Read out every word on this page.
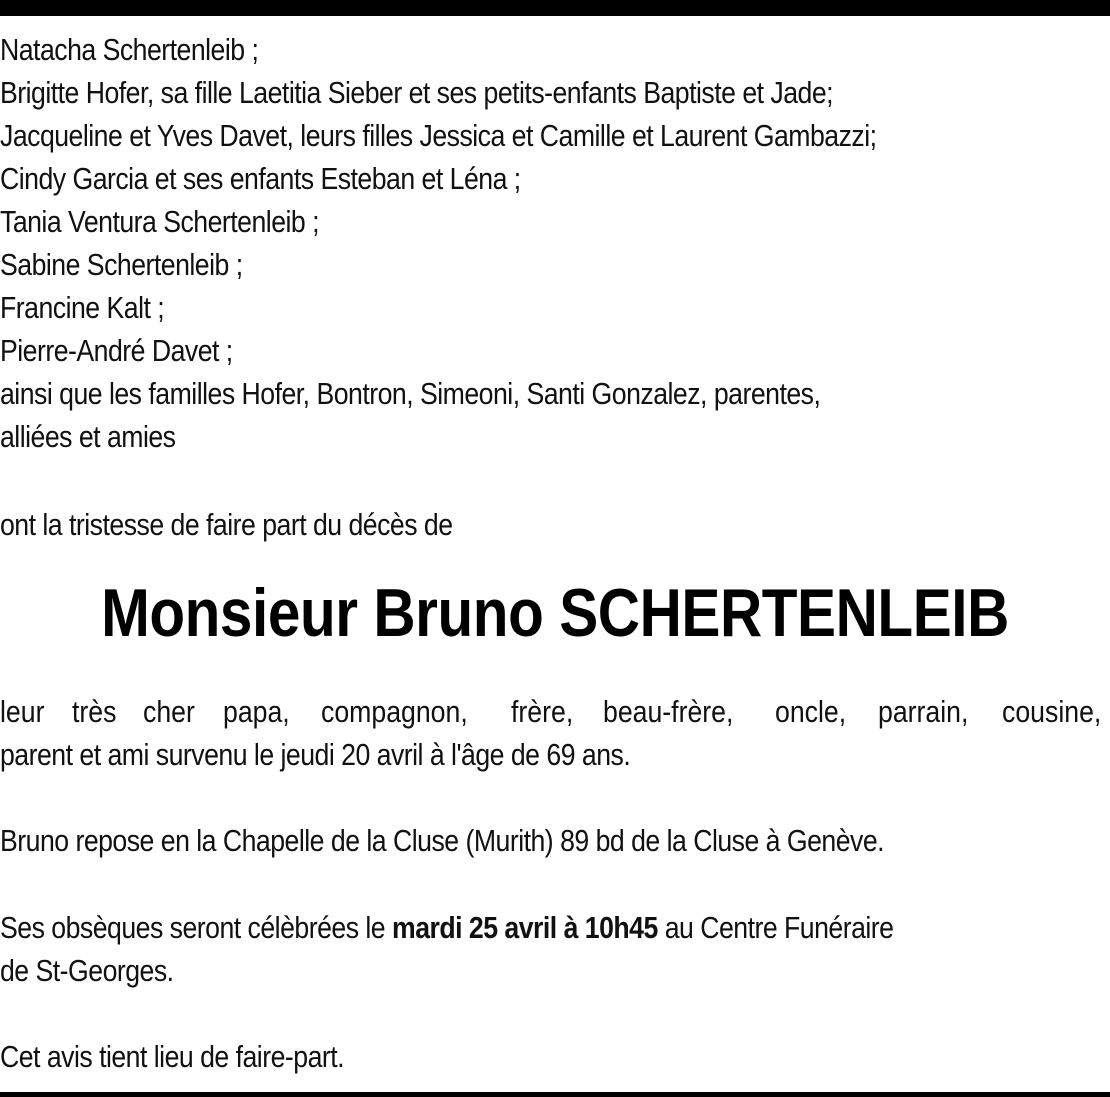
Natacha Schertenleib ;
Brigitte Hofer, sa fille Laetitia Sieber et ses petits-enfants Baptiste et Jade;
Jacqueline et Yves Davet, leurs filles Jessica et Camille et Laurent Gambazzi;
Cindy Garcia et ses enfants Esteban et Léna ;
Tania Ventura Schertenleib ;
Sabine Schertenleib ;
Francine Kalt ;
Pierre-André Davet ;
ainsi que les familles Hofer, Bontron, Simeoni, Santi Gonzalez, parentes,
alliées et amies
ont la tristesse de faire part du décès de
Monsieur Bruno SCHERTENLEIB
leur très cher papa, compagnon, frère, beau-frère, oncle, parrain, cousine,
parent et ami survenu le jeudi 20 avril à l'âge de 69 ans.
Bruno repose en la Chapelle de la Cluse (Murith) 89 bd de la Cluse à Genève.
Ses obsèques seront célèbrées le mardi 25 avril à 10h45 au Centre Funéraire
de St-Georges.
Cet avis tient lieu de faire-part.
